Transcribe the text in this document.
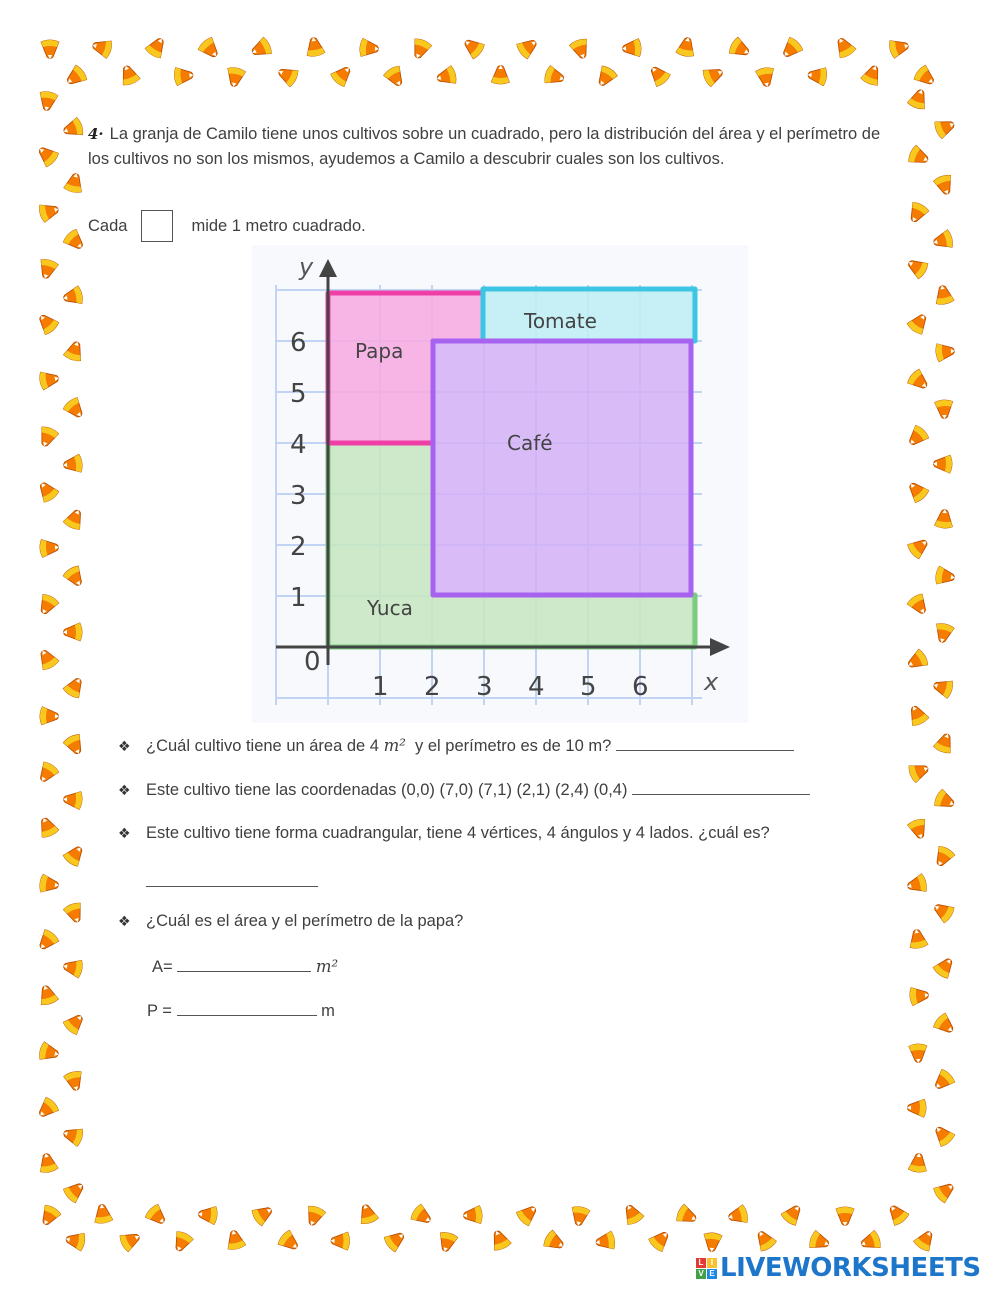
4· La granja de Camilo tiene unos cultivos sobre un cuadrado, pero la distribución del área y el perímetro de los cultivos no son los mismos, ayudemos a Camilo a descubrir cuales son los cultivos.
Cada	mide 1 metro cuadrado.
y
x
0
1 2 3 4 5 6
1
2
3
4
5
6
Tomate
Papa
Café
Yuca
❖ ¿Cuál cultivo tiene un área de 4 m² y el perímetro es de 10 m?
❖ Este cultivo tiene las coordenadas (0,0) (7,0) (7,1) (2,1) (2,4) (0,4)
❖ Este cultivo tiene forma cuadrangular, tiene 4 vértices, 4 ángulos y 4 lados. ¿cuál es?
❖ ¿Cuál es el área y el perímetro de la papa?
A=	m²
P =	m
L I
V E LIVEWORKSHEETS
